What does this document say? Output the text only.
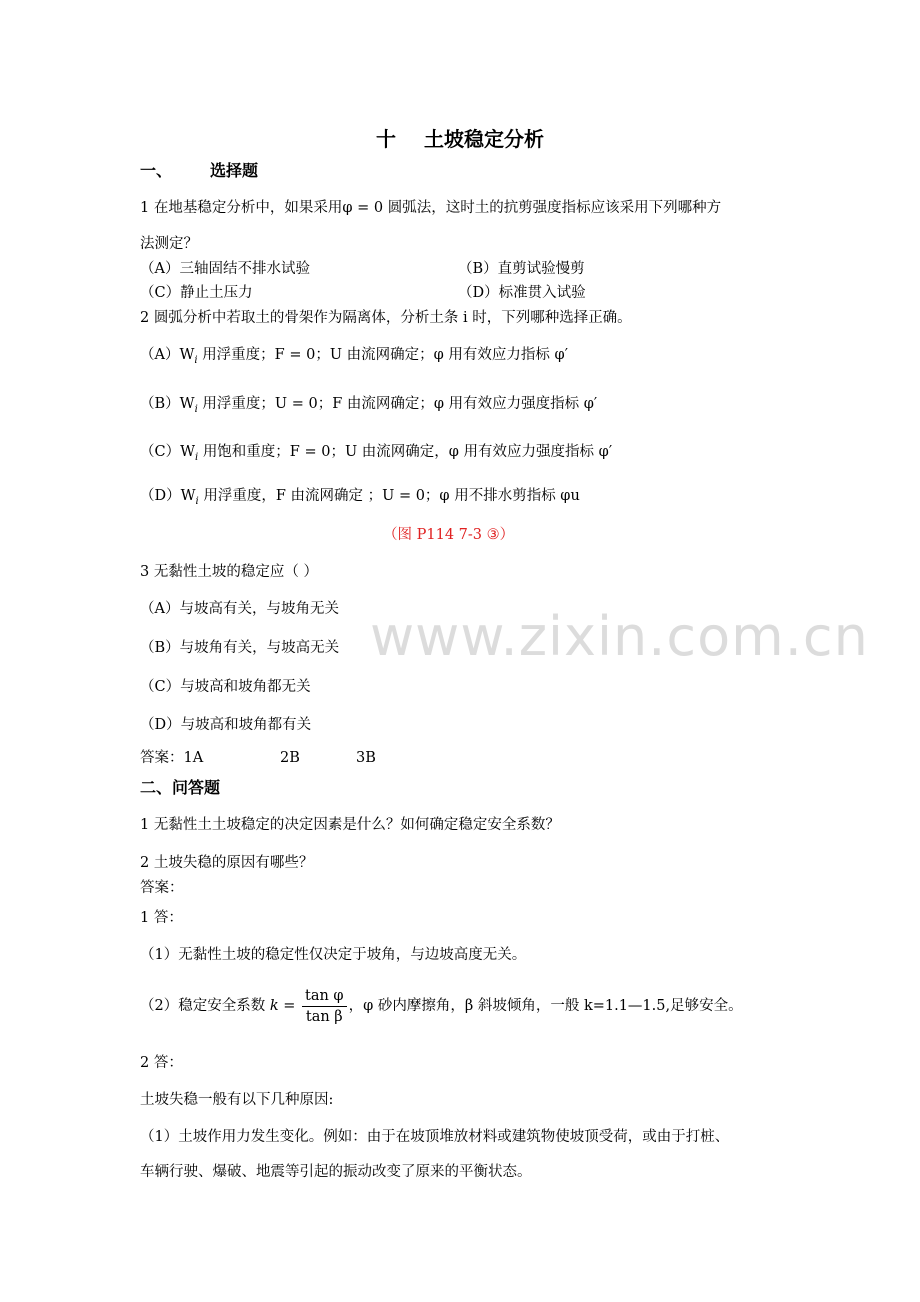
www.zixin.com.cn
十 土坡稳定分析
一、 选择题
1 在地基稳定分析中，如果采用φ = 0 圆弧法，这时土的抗剪强度指标应该采用下列哪种方
法测定？
（A）三轴固结不排水试验	（B）直剪试验慢剪
（C）静止土压力	（D）标准贯入试验
2 圆弧分析中若取土的骨架作为隔离体，分析土条 i 时，下列哪种选择正确。
$(A)W_i$ 用浮重度；F = 0；U 由流网确定；φ 用有效应力指标 φ′
$(B)W_i$ 用浮重度；U = 0；F 由流网确定；φ 用有效应力强度指标 φ′
$(C)W_i$ 用饱和重度；F = 0；U 由流网确定，φ 用有效应力强度指标 φ′
$(D)W_i$ 用浮重度，F 由流网确定 ；U = 0；φ 用不排水剪指标 φu
（图 P114 7-3 ③）
3 无黏性土坡的稳定应（ ）
（A）与坡高有关，与坡角无关
（B）与坡角有关，与坡高无关
（C）与坡高和坡角都无关
（D）与坡高和坡角都有关
答案：1A	2B	3B
二、问答题
1 无黏性土土坡稳定的决定因素是什么？如何确定稳定安全系数？
2 土坡失稳的原因有哪些？
答案：
1 答：
（1）无黏性土坡的稳定性仅决定于坡角，与边坡高度无关。
（2）稳定安全系数 $k = \frac{\text{tan φ}}{\text{tan β}}$ ，φ 砂内摩擦角，β 斜坡倾角，一般 k=1.1—1.5,足够安全。
2 答：
土坡失稳一般有以下几种原因:
（1）土坡作用力发生变化。例如：由于在坡顶堆放材料或建筑物使坡顶受荷，或由于打桩、
车辆行驶、爆破、地震等引起的振动改变了原来的平衡状态。
